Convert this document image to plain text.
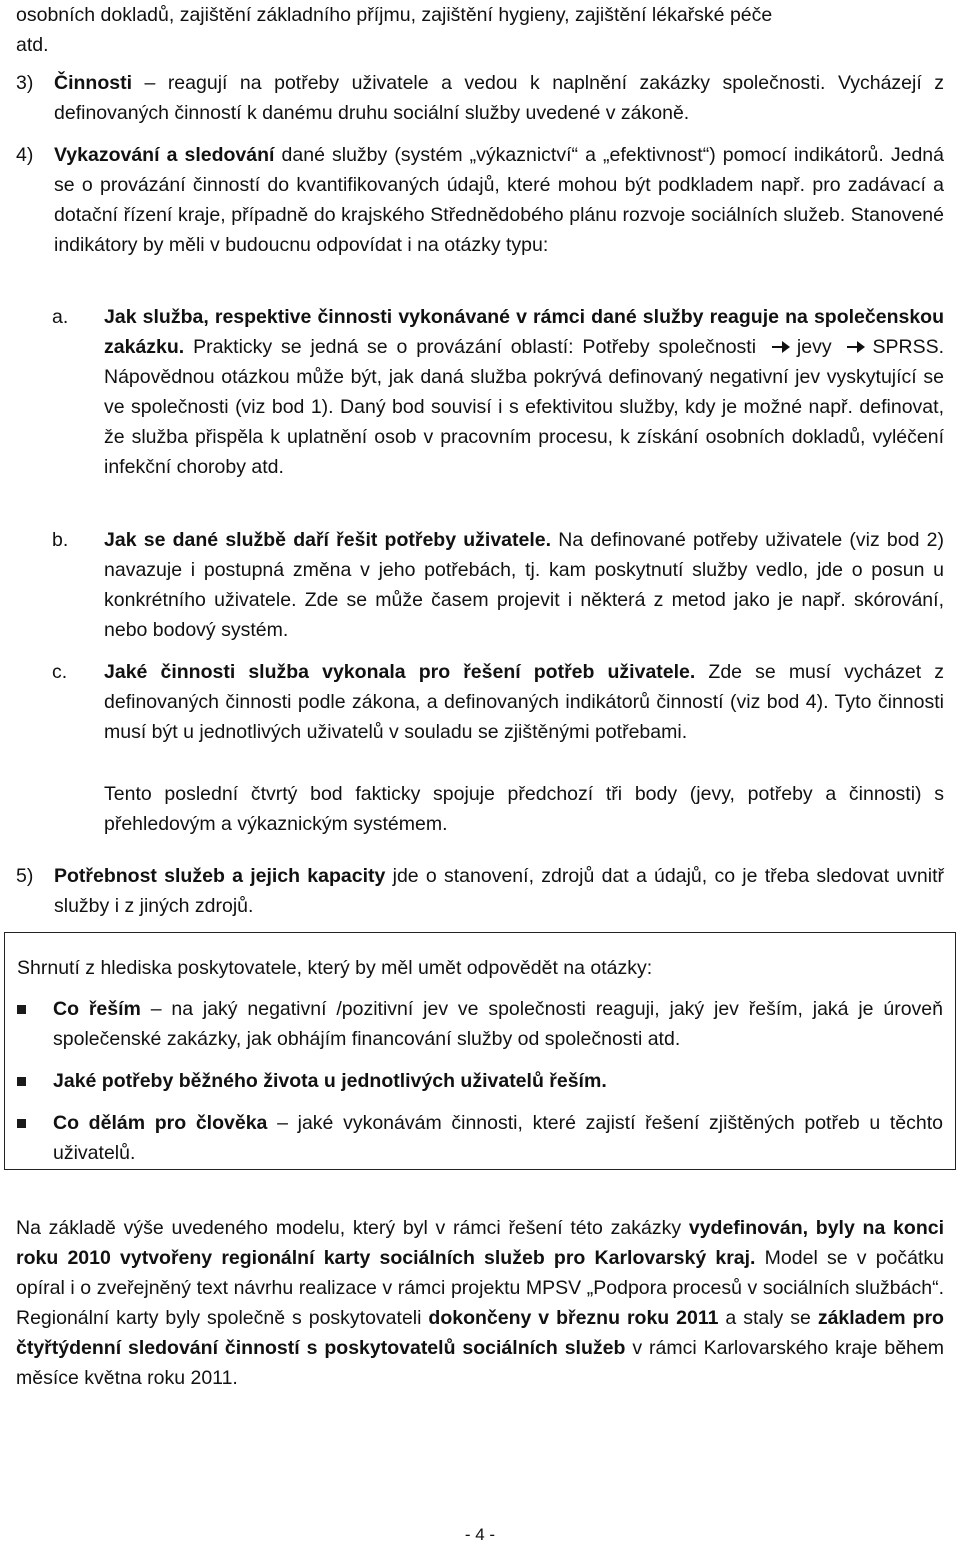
osobních dokladů, zajištění základního příjmu, zajištění hygieny, zajištění lékařské péče
atd.

3) Činnosti – reagují na potřeby uživatele a vedou k naplnění zakázky společnosti. Vycházejí z definovaných činností k danému druhu sociální služby uvedené v zákoně.

4) Vykazování a sledování dané služby (systém „výkaznictví“ a „efektivnost“) pomocí indikátorů. Jedná se o provázání činností do kvantifikovaných údajů, které mohou být podkladem např. pro zadávací a dotační řízení kraje, případně do krajského Střednědobého plánu rozvoje sociálních služeb. Stanovené indikátory by měli v budoucnu odpovídat i na otázky typu:

a. Jak služba, respektive činnosti vykonávané v rámci dané služby reaguje na společenskou zakázku. Prakticky se jedná se o provázání oblastí: Potřeby společnosti jevy SPRSS. Nápovědnou otázkou může být, jak daná služba pokrývá definovaný negativní jev vyskytující se ve společnosti (viz bod 1). Daný bod souvisí i s efektivitou služby, kdy je možné např. definovat, že služba přispěla k uplatnění osob v pracovním procesu, k získání osobních dokladů, vyléčení infekční choroby atd.

b. Jak se dané službě daří řešit potřeby uživatele. Na definované potřeby uživatele (viz bod 2) navazuje i postupná změna v jeho potřebách, tj. kam poskytnutí služby vedlo, jde o posun u konkrétního uživatele. Zde se může časem projevit i některá z metod jako je např. skórování, nebo bodový systém.

c. Jaké činnosti služba vykonala pro řešení potřeb uživatele. Zde se musí vycházet z definovaných činnosti podle zákona, a definovaných indikátorů činností (viz bod 4). Tyto činnosti musí být u jednotlivých uživatelů v souladu se zjištěnými potřebami.

Tento poslední čtvrtý bod fakticky spojuje předchozí tři body (jevy, potřeby a činnosti) s přehledovým a výkaznickým systémem.

5) Potřebnost služeb a jejich kapacity jde o stanovení, zdrojů dat a údajů, co je třeba sledovat uvnitř služby i z jiných zdrojů.

Na základě výše uvedeného modelu, který byl v rámci řešení této zakázky vydefinován, byly na konci roku 2010 vytvořeny regionální karty sociálních služeb pro Karlovarský kraj. Model se v počátku opíral i o zveřejněný text návrhu realizace v rámci projektu MPSV „Podpora procesů v sociálních službách“. Regionální karty byly společně s poskytovateli dokončeny v březnu roku 2011 a staly se základem pro čtyřtýdenní sledování činností s poskytovatelů sociálních služeb v rámci Karlovarského kraje během měsíce května roku 2011.

Shrnutí z hlediska poskytovatele, který by měl umět odpovědět na otázky:

Co řeším – na jaký negativní /pozitivní jev ve společnosti reaguji, jaký jev řeším, jaká je úroveň společenské zakázky, jak obhájím financování služby od společnosti atd.

Jaké potřeby běžného života u jednotlivých uživatelů řeším.

Co dělám pro člověka – jaké vykonávám činnosti, které zajistí řešení zjištěných potřeb u těchto uživatelů.

- 4 -
